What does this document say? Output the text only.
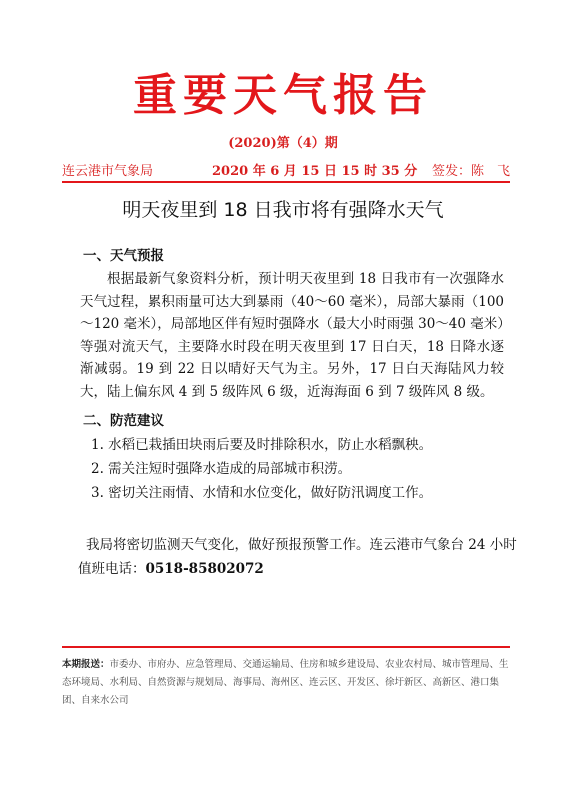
重要天气报告
(2020)第（4）期
连云港市气象局	2020 年 6 月 15 日 15 时 35 分 签发：陈　飞
明天夜里到 18 日我市将有强降水天气

一、天气预报

根据最新气象资料分析，预计明天夜里到 18 日我市有一次强降水天气过程，累积雨量可达大到暴雨（40～60 毫米），局部大暴雨（100～120 毫米），局部地区伴有短时强降水（最大小时雨强 30～40 毫米）等强对流天气，主要降水时段在明天夜里到 17 日白天，18 日降水逐渐减弱。19 到 22 日以晴好天气为主。另外，17 日白天海陆风力较大，陆上偏东风 4 到 5 级阵风 6 级，近海海面 6 到 7 级阵风 8 级。

二、防范建议

1. 水稻已栽插田块雨后要及时排除积水，防止水稻飘秧。

2. 需关注短时强降水造成的局部城市积涝。

3. 密切关注雨情、水情和水位变化，做好防汛调度工作。

我局将密切监测天气变化，做好预报预警工作。连云港市气象台 24 小时值班电话：0518-85802072

本期报送：市委办、市府办、应急管理局、交通运输局、住房和城乡建设局、农业农村局、城市管理局、生态环境局、水利局、自然资源与规划局、海事局、海州区、连云区、开发区、徐圩新区、高新区、港口集团、自来水公司
